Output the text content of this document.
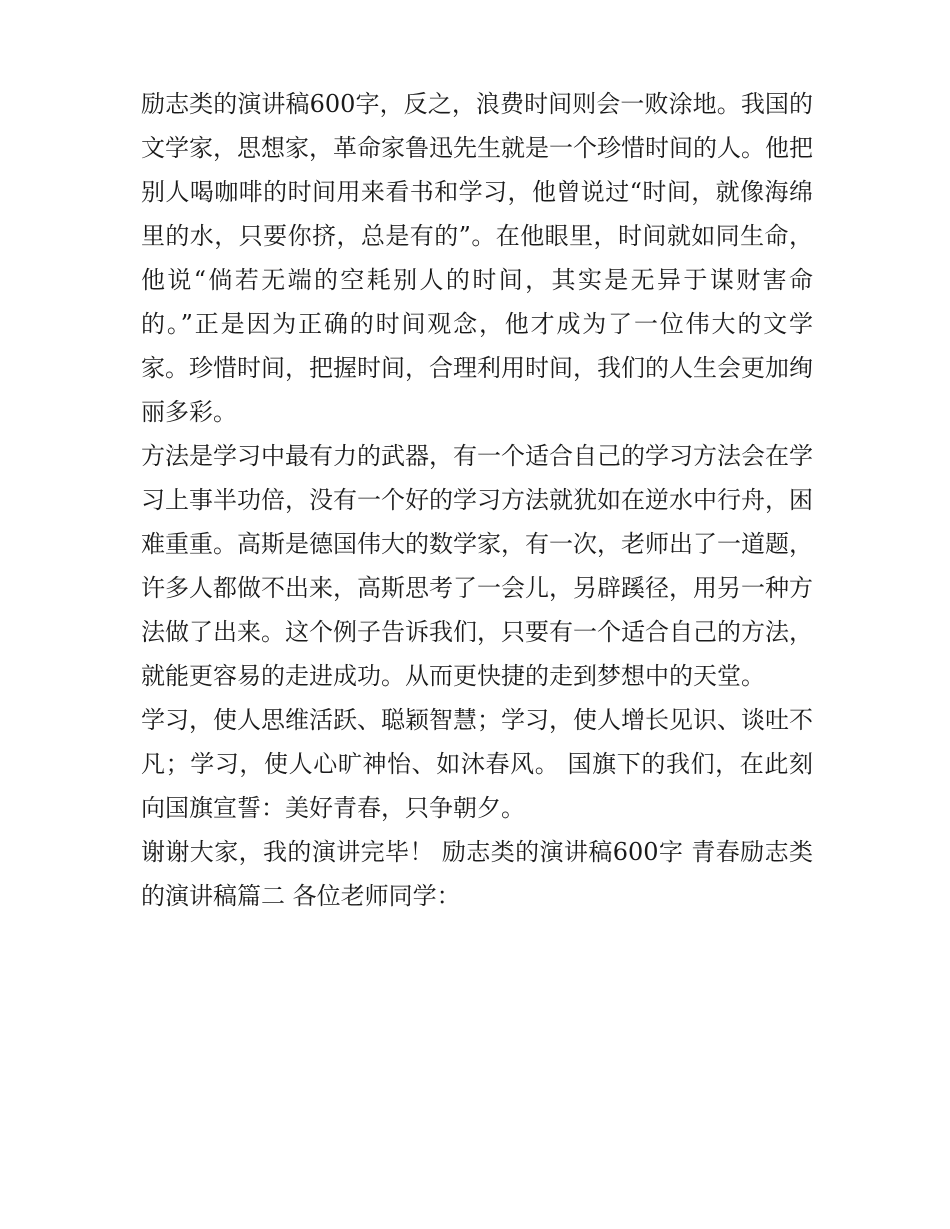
励志类的演讲稿600字，反之，浪费时间则会一败涂地。我国的文学家，思想家，革命家鲁迅先生就是一个珍惜时间的人。他把别人喝咖啡的时间用来看书和学习，他曾说过“时间，就像海绵里的水，只要你挤，总是有的”。在他眼里，时间就如同生命，他说“倘若无端的空耗别人的时间，其实是无异于谋财害命的。”正是因为正确的时间观念，他才成为了一位伟大的文学家。珍惜时间，把握时间，合理利用时间，我们的人生会更加绚丽多彩。

方法是学习中最有力的武器，有一个适合自己的学习方法会在学习上事半功倍，没有一个好的学习方法就犹如在逆水中行舟，困难重重。高斯是德国伟大的数学家，有一次，老师出了一道题，许多人都做不出来，高斯思考了一会儿，另辟蹊径，用另一种方法做了出来。这个例子告诉我们，只要有一个适合自己的方法，就能更容易的走进成功。从而更快捷的走到梦想中的天堂。

学习，使人思维活跃、聪颖智慧；学习，使人增长见识、谈吐不凡；学习，使人心旷神怡、如沐春风。 国旗下的我们，在此刻向国旗宣誓：美好青春，只争朝夕。

谢谢大家，我的演讲完毕！ 励志类的演讲稿600字 青春励志类的演讲稿篇二 各位老师同学：
